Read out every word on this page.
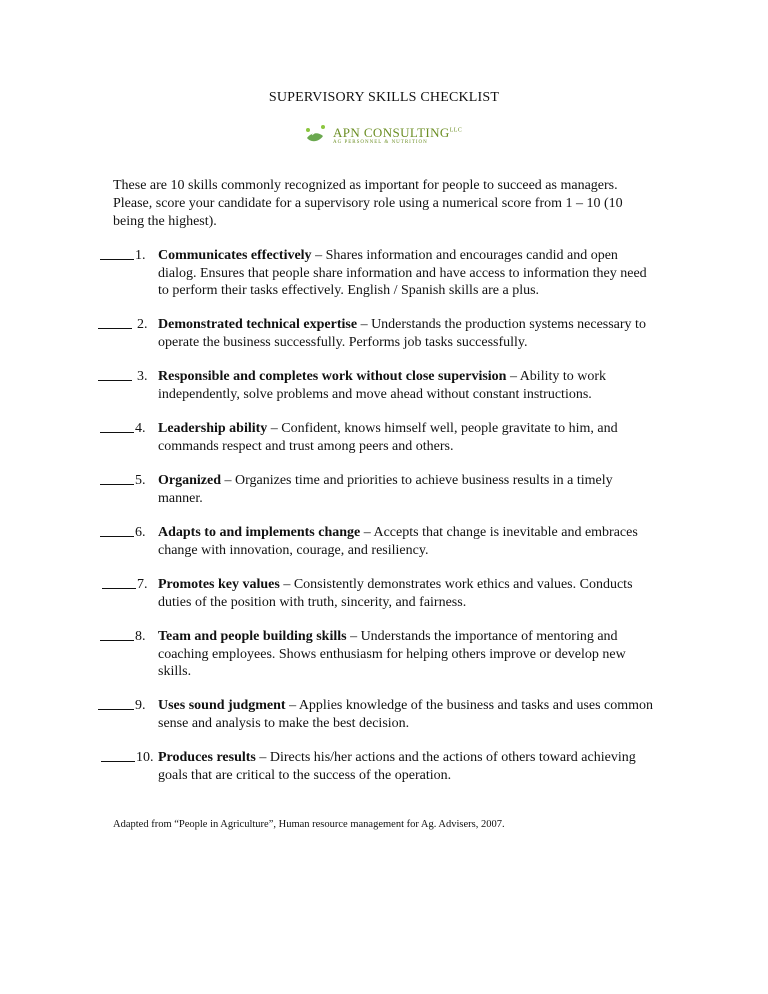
SUPERVISORY SKILLS CHECKLIST
APN $CONSULTING^{LLC}$
AG PERSONNEL & NUTRITION
These are 10 skills commonly recognized as important for people to succeed as managers. Please, score your candidate for a supervisory role using a numerical score from 1 – 10 (10 being the highest).
1. Communicates effectively – Shares information and encourages candid and open dialog. Ensures that people share information and have access to information they need to perform their tasks effectively. English / Spanish skills are a plus.
2. Demonstrated technical expertise – Understands the production systems necessary to operate the business successfully. Performs job tasks successfully.
3. Responsible and completes work without close supervision – Ability to work independently, solve problems and move ahead without constant instructions.
4. Leadership ability – Confident, knows himself well, people gravitate to him, and commands respect and trust among peers and others.
5. Organized – Organizes time and priorities to achieve business results in a timely manner.
6. Adapts to and implements change – Accepts that change is inevitable and embraces change with innovation, courage, and resiliency.
7. Promotes key values – Consistently demonstrates work ethics and values. Conducts duties of the position with truth, sincerity, and fairness.
8. Team and people building skills – Understands the importance of mentoring and coaching employees. Shows enthusiasm for helping others improve or develop new skills.
9. Uses sound judgment – Applies knowledge of the business and tasks and uses common sense and analysis to make the best decision.
10. Produces results – Directs his/her actions and the actions of others toward achieving goals that are critical to the success of the operation.
Adapted from “People in Agriculture”, Human resource management for Ag. Advisers, 2007.
